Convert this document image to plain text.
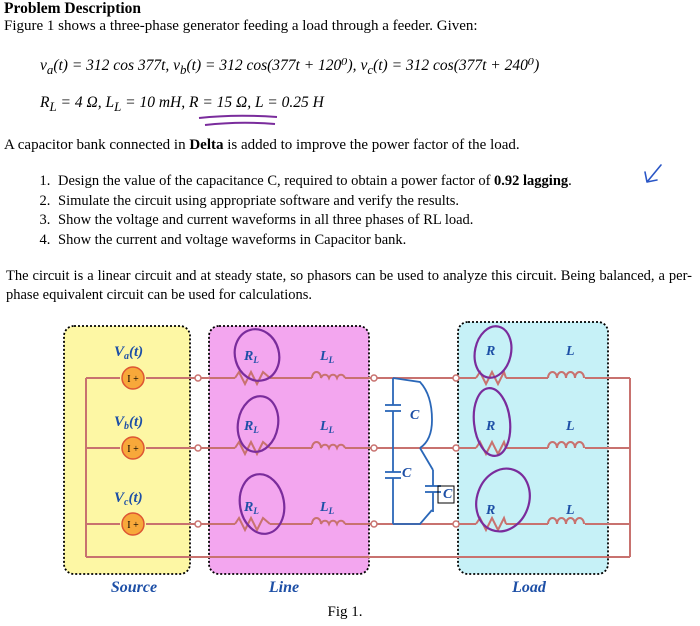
Problem Description
Figure 1 shows a three-phase generator feeding a load through a feeder. Given:
$v_a(t) = 312$ cos 377t, $v_b(t) = 312$ cos(377t + 120⁰), $v_c(t) = 312$ cos(377t + 240⁰)
$R_L = 4$ Ω, $L_L = 10$ mH, R = 15 Ω, L = 0.25 H
A capacitor bank connected in Delta is added to improve the power factor of the load.
1. Design the value of the capacitance C, required to obtain a power factor of 0.92 lagging.
2. Simulate the circuit using appropriate software and verify the results.
3. Show the voltage and current waveforms in all three phases of RL load.
4. Show the current and voltage waveforms in Capacitor bank.
The circuit is a linear circuit and at steady state, so phasors can be used to analyze this circuit. Being balanced, a per-phase equivalent circuit can be used for calculations.
I +
I +
I +
$V_a(t)$
$V_b(t)$
$V_c(t)$
$R_L$
$R_L$
$R_L$
$L_L$
$L_L$
$L_L$
C
C
C
R
R
R
L
L
L
Source	Line	Load
Fig 1.
